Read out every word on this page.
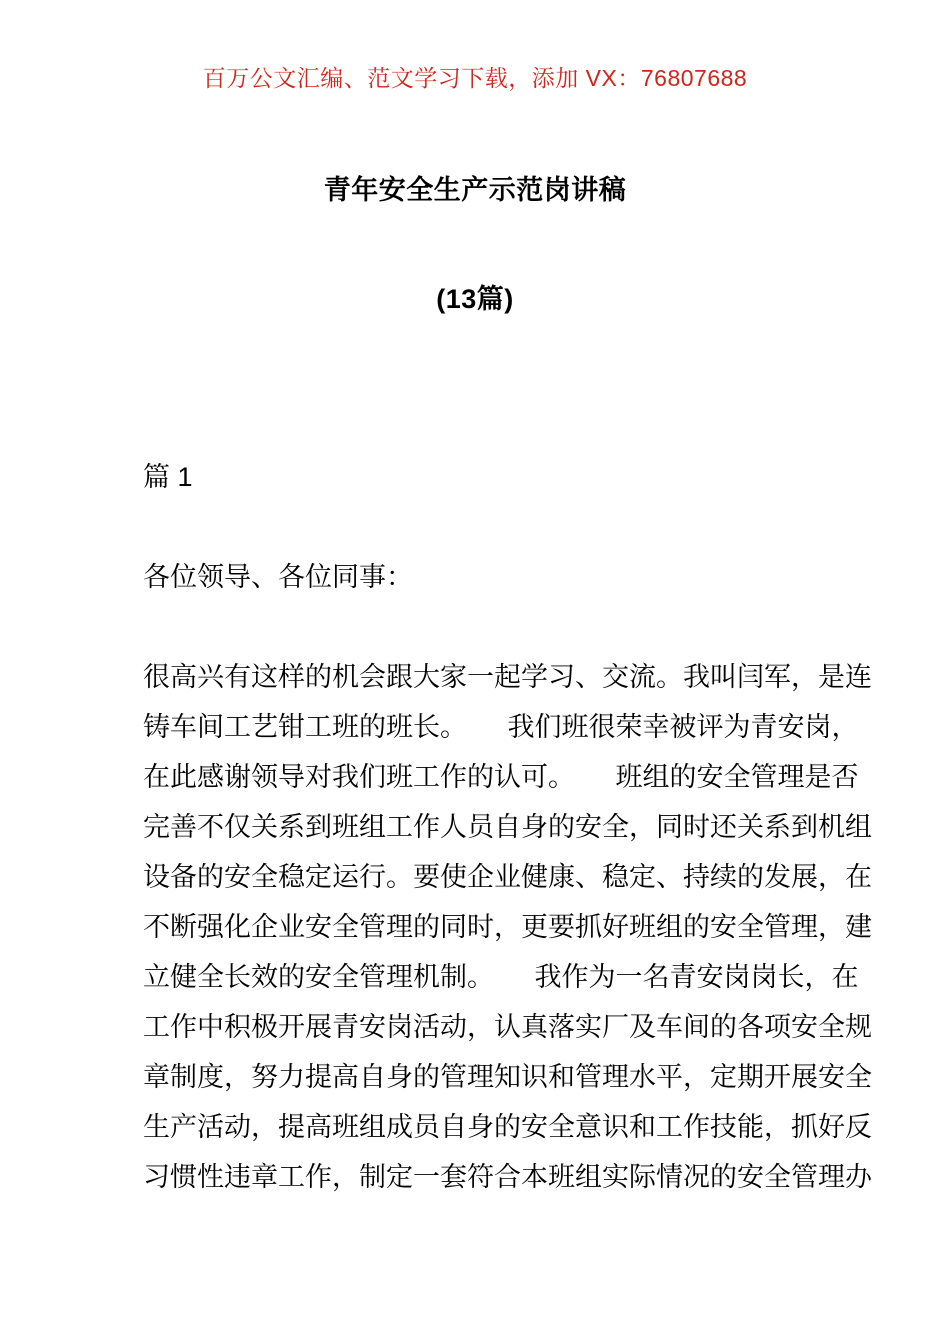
百万公文汇编、范文学习下载，添加 VX：76807688
青年安全生产示范岗讲稿
(13篇)
篇 1
各位领导、各位同事：
很高兴有这样的机会跟大家一起学习、交流。我叫闫军，是连
铸车间工艺钳工班的班长。　　我们班很荣幸被评为青安岗，
在此感谢领导对我们班工作的认可。　　班组的安全管理是否
完善不仅关系到班组工作人员自身的安全，同时还关系到机组
设备的安全稳定运行。要使企业健康、稳定、持续的发展，在
不断强化企业安全管理的同时，更要抓好班组的安全管理，建
立健全长效的安全管理机制。　　我作为一名青安岗岗长，在
工作中积极开展青安岗活动，认真落实厂及车间的各项安全规
章制度，努力提高自身的管理知识和管理水平，定期开展安全
生产活动，提高班组成员自身的安全意识和工作技能，抓好反
习惯性违章工作，制定一套符合本班组实际情况的安全管理办
